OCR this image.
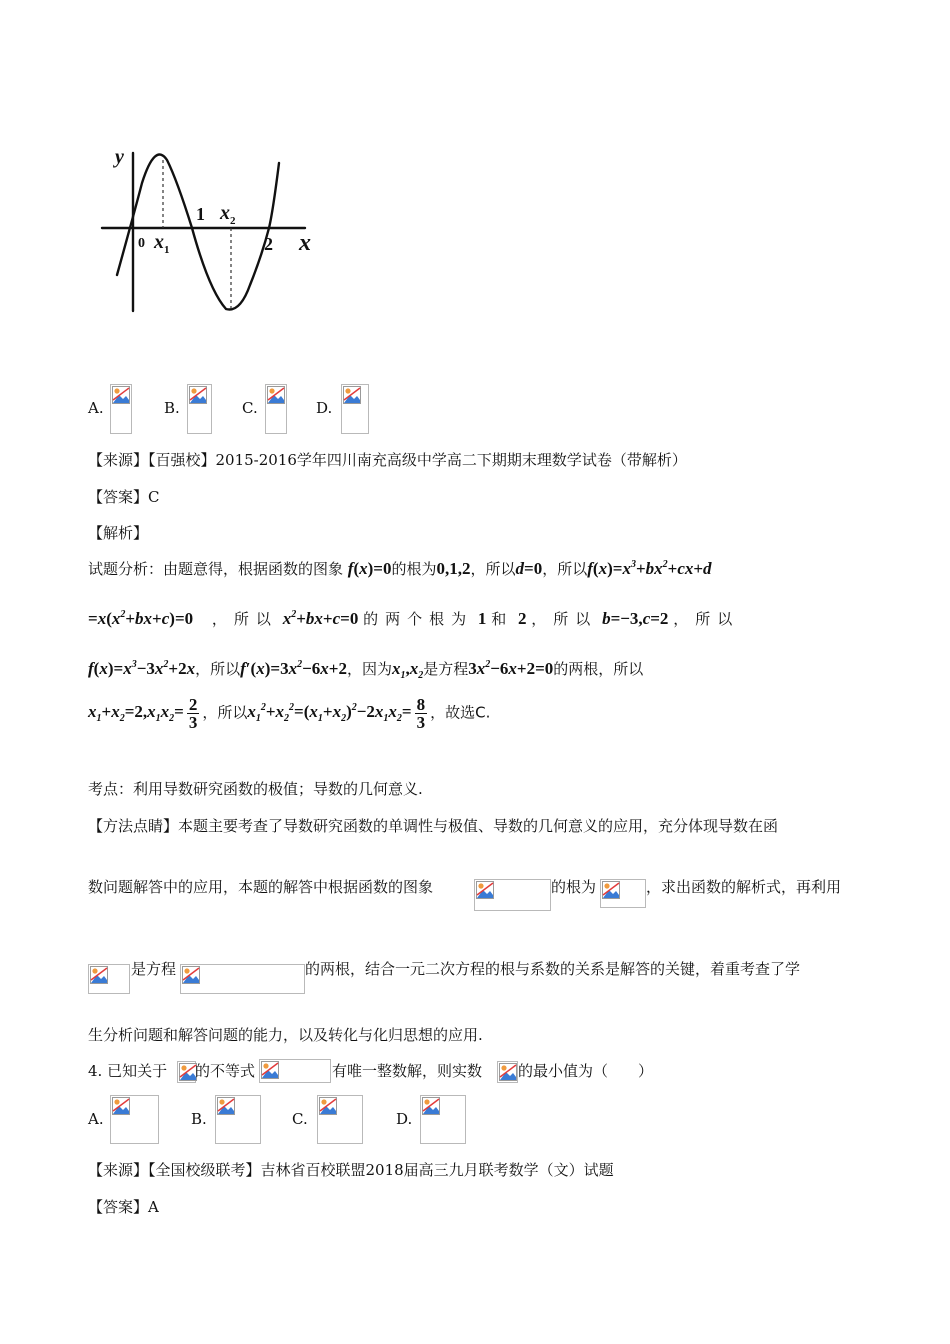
y
x
0 $x_1$
1 $x_2$
2
A.	B.	C.	D.
【来源】【百强校】2015-2016学年四川南充高级中学高二下期期末理数学试卷（带解析）
【答案】C
【解析】
试题分析：由题意得，根据函数的图象 f(x)=0的根为0,1,2，所以d=0，所以$f(x)=x^3+bx^2+cx+d$
$=x(x^2+bx+c)=0$ ，所以 $x^2+bx+c=0$ 的两个根为 1 和 2 ，所以 b=−3,c=2 ，所以
$f(x)=x^3-3x^2+2x$，所以$f'(x)=3x^2-6x+2$，因为$x_1,x_2$是方程$3x^2-6x+2=0$的两根，所以
$x_1+x_2=2,x_1x_2= \frac{2}{3}$ ，所以$x_1^2+x_2^2=(x_1+x_2)^2-2x_1x_2= \frac{8}{3}$ ，故选C.
考点：利用导数研究函数的极值；导数的几何意义.
【方法点睛】本题主要考查了导数研究函数的单调性与极值、导数的几何意义的应用，充分体现导数在函
数问题解答中的应用，本题的解答中根据函数的图象	的根为	，求出函数的解析式，再利用
是方程	的两根，结合一元二次方程的根与系数的关系是解答的关键，着重考查了学
生分析问题和解答问题的能力，以及转化与化归思想的应用.
4. 已知关于 的不等式	有唯一整数解，则实数 的最小值为（　　）
A.	B.	C.	D.
【来源】【全国校级联考】吉林省百校联盟2018届高三九月联考数学（文）试题
【答案】A
